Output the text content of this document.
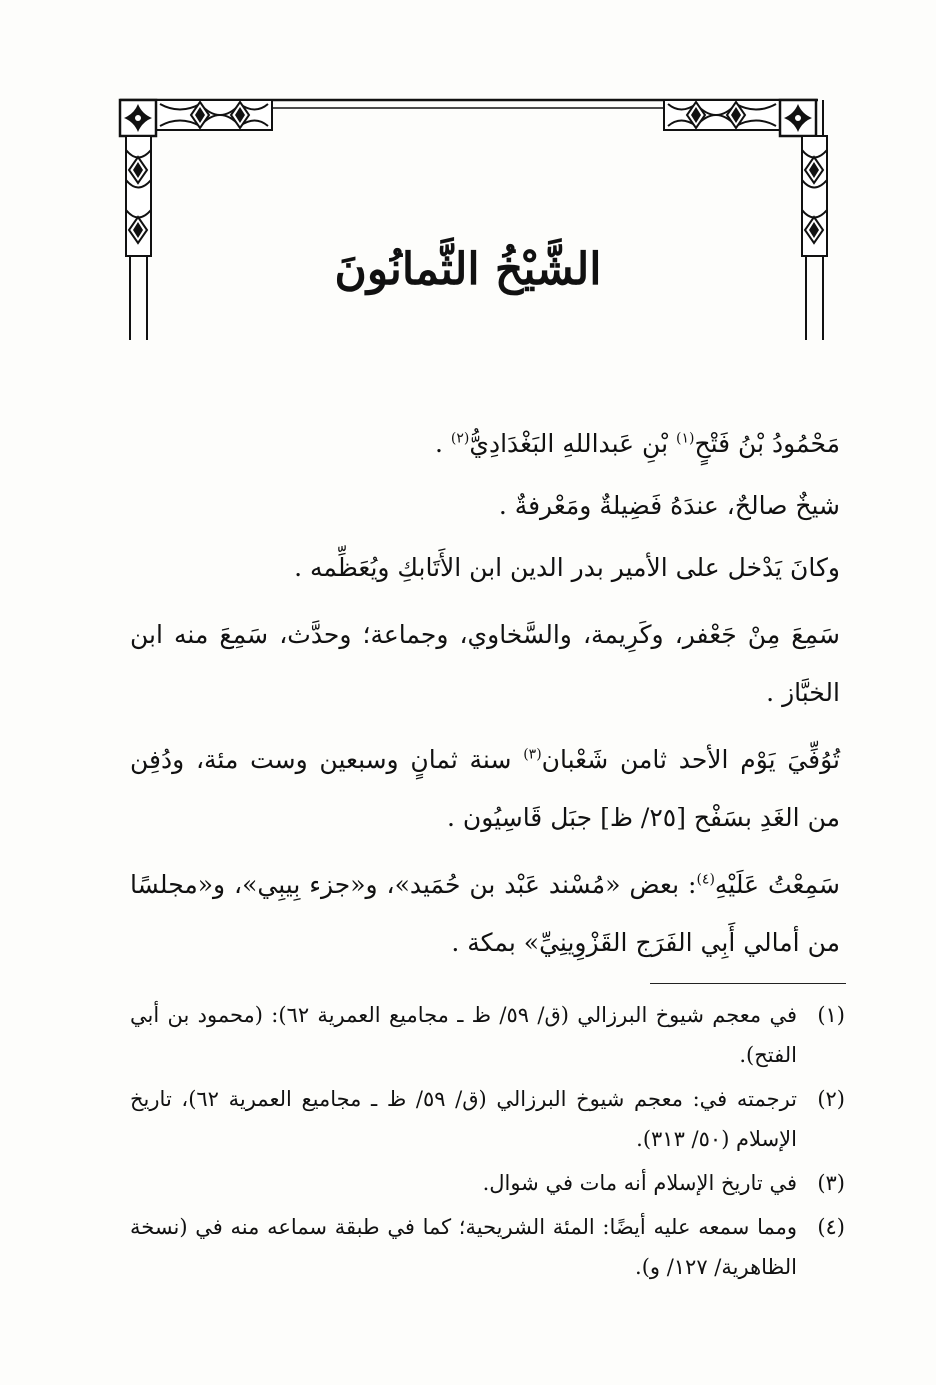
الشَّيْخُ الثَّمانُونَ

مَحْمُودُ بْنُ فَتْحٍ$^{(١)}$ بْنِ عَبداللهِ البَغْدَادِيُّ$^{(٢)}$ .

شيخٌ صالحٌ، عندَهُ فَضِيلةٌ ومَعْرفةٌ .

وكانَ يَدْخل على الأمير بدر الدين ابن الأَتَابكِ ويُعَظِّمه .

سَمِعَ مِنْ جَعْفر، وكَرِيمة، والسَّخاوي، وجماعة؛ وحدَّث، سَمِعَ منه ابن الخبَّاز .

تُوُفِّيَ يَوْم الأحد ثامن شَعْبان$^{(٣)}$ سنة ثمانٍ وسبعين وست مئة، ودُفِن من الغَدِ بسَفْح [٢٥/ ظ] جبَل قَاسِيُون .

سَمِعْتُ عَلَيْهِ$^{(٤)}$: بعض «مُسْند عَبْد بن حُمَيد»، و«جزء بِيبِي»، و«مجلسًا من أمالي أَبِي الفَرَج القَزْوِينِيِّ» بمكة .

(١)
في معجم شيوخ البرزالي (ق/ ٥٩/ ظ ـ مجاميع العمرية ٦٢): (محمود بن أبي الفتح).
(٢)
ترجمته في: معجم شيوخ البرزالي (ق/ ٥٩/ ظ ـ مجاميع العمرية ٦٢)، تاريخ الإسلام (٥٠/ ٣١٣).
(٣)
في تاريخ الإسلام أنه مات في شوال.
(٤)
ومما سمعه عليه أيضًا: المئة الشريحية؛ كما في طبقة سماعه منه في (نسخة الظاهرية/ ١٢٧/ و).
